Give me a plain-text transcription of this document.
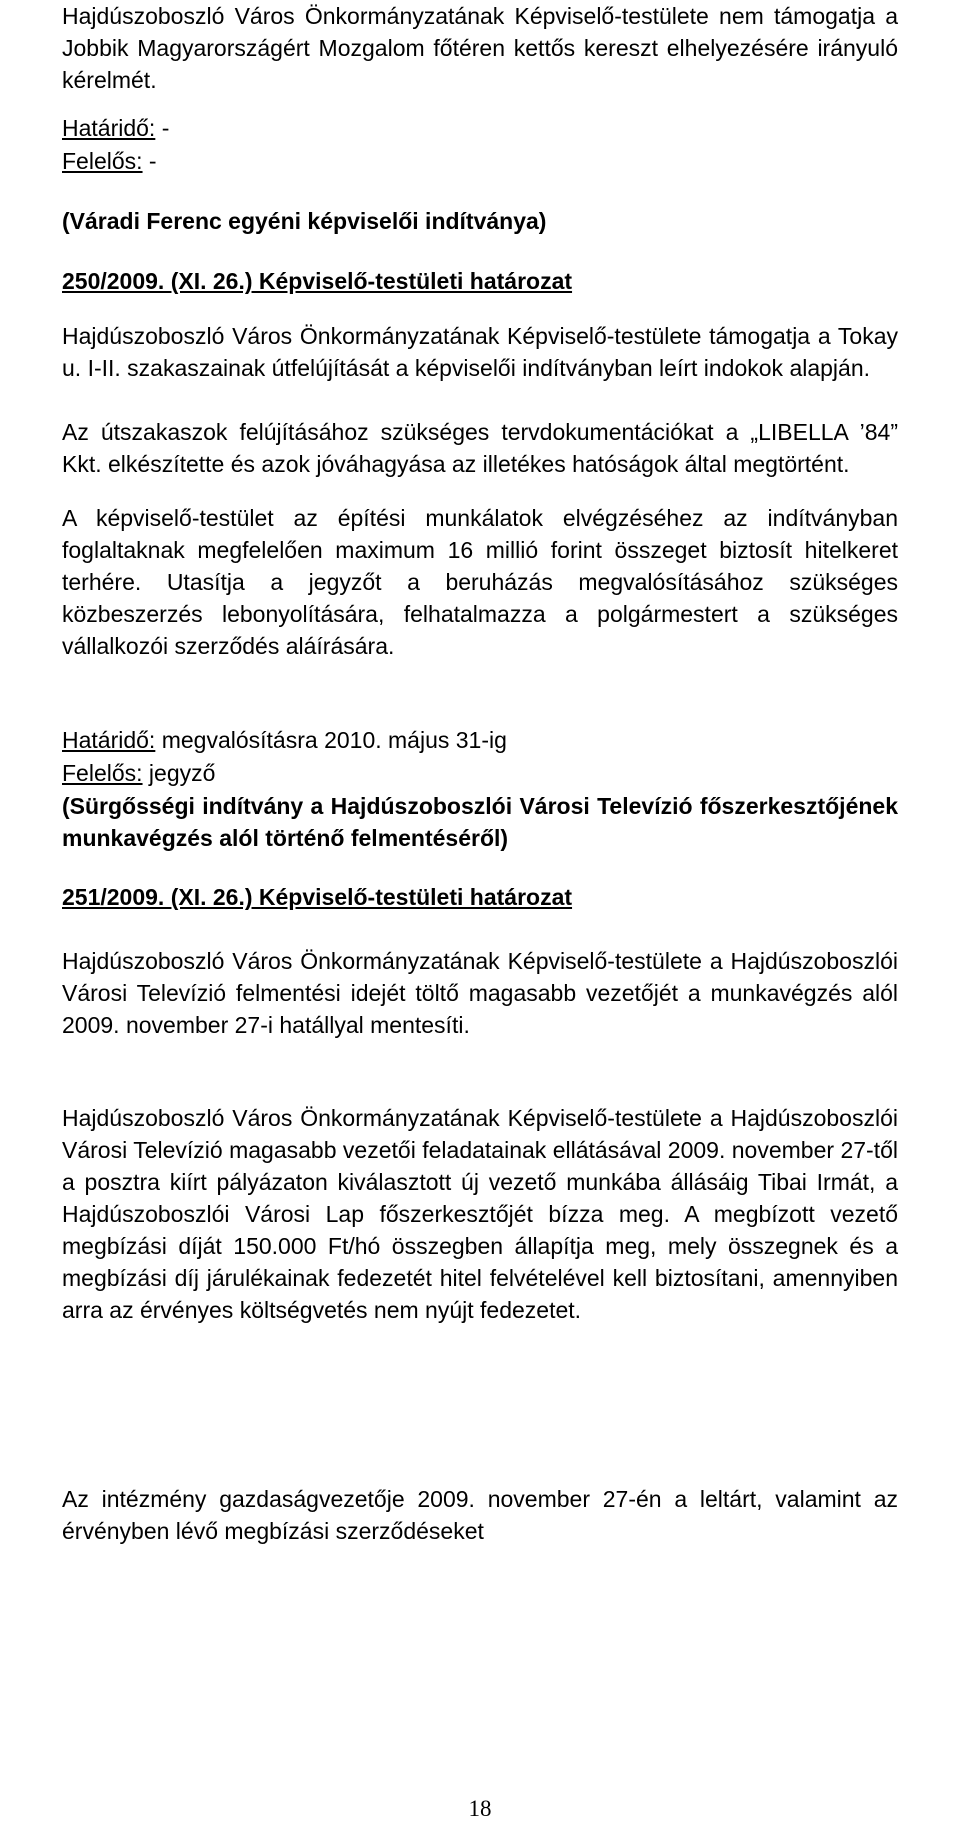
Hajdúszoboszló Város Önkormányzatának Képviselő-testülete nem támogatja a Jobbik Magyarországért Mozgalom főtéren kettős kereszt elhelyezésére irányuló kérelmét.

Határidő: -
Felelős: -
(Váradi Ferenc egyéni képviselői indítványa)
250/2009. (XI. 26.) Képviselő-testületi határozat

Hajdúszoboszló Város Önkormányzatának Képviselő-testülete támogatja a Tokay u. I-II. szakaszainak útfelújítását a képviselői indítványban leírt indokok alapján.

Az útszakaszok felújításához szükséges tervdokumentációkat a „LIBELLA ’84” Kkt. elkészítette és azok jóváhagyása az illetékes hatóságok által megtörtént.

A képviselő-testület az építési munkálatok elvégzéséhez az indítványban foglaltaknak megfelelően maximum 16 millió forint összeget biztosít hitelkeret terhére. Utasítja a jegyzőt a beruházás megvalósításához szükséges közbeszerzés lebonyolítására, felhatalmazza a polgármestert a szükséges vállalkozói szerződés aláírására.

Határidő: megvalósításra 2010. május 31-ig
Felelős: jegyző

(Sürgősségi indítvány a Hajdúszoboszlói Városi Televízió főszerkesztőjének munkavégzés alól történő felmentéséről)

251/2009. (XI. 26.) Képviselő-testületi határozat

Hajdúszoboszló Város Önkormányzatának Képviselő-testülete a Hajdúszoboszlói Városi Televízió felmentési idejét töltő magasabb vezetőjét a munkavégzés alól 2009. november 27-i hatállyal mentesíti.

Hajdúszoboszló Város Önkormányzatának Képviselő-testülete a Hajdúszoboszlói Városi Televízió magasabb vezetői feladatainak ellátásával 2009. november 27-től a posztra kiírt pályázaton kiválasztott új vezető munkába állásáig Tibai Irmát, a Hajdúszoboszlói Városi Lap főszerkesztőjét bízza meg. A megbízott vezető megbízási díját 150.000 Ft/hó összegben állapítja meg, mely összegnek és a megbízási díj járulékainak fedezetét hitel felvételével kell biztosítani, amennyiben arra az érvényes költségvetés nem nyújt fedezetet.

Az intézmény gazdaságvezetője 2009. november 27-én a leltárt, valamint az érvényben lévő megbízási szerződéseket

18
